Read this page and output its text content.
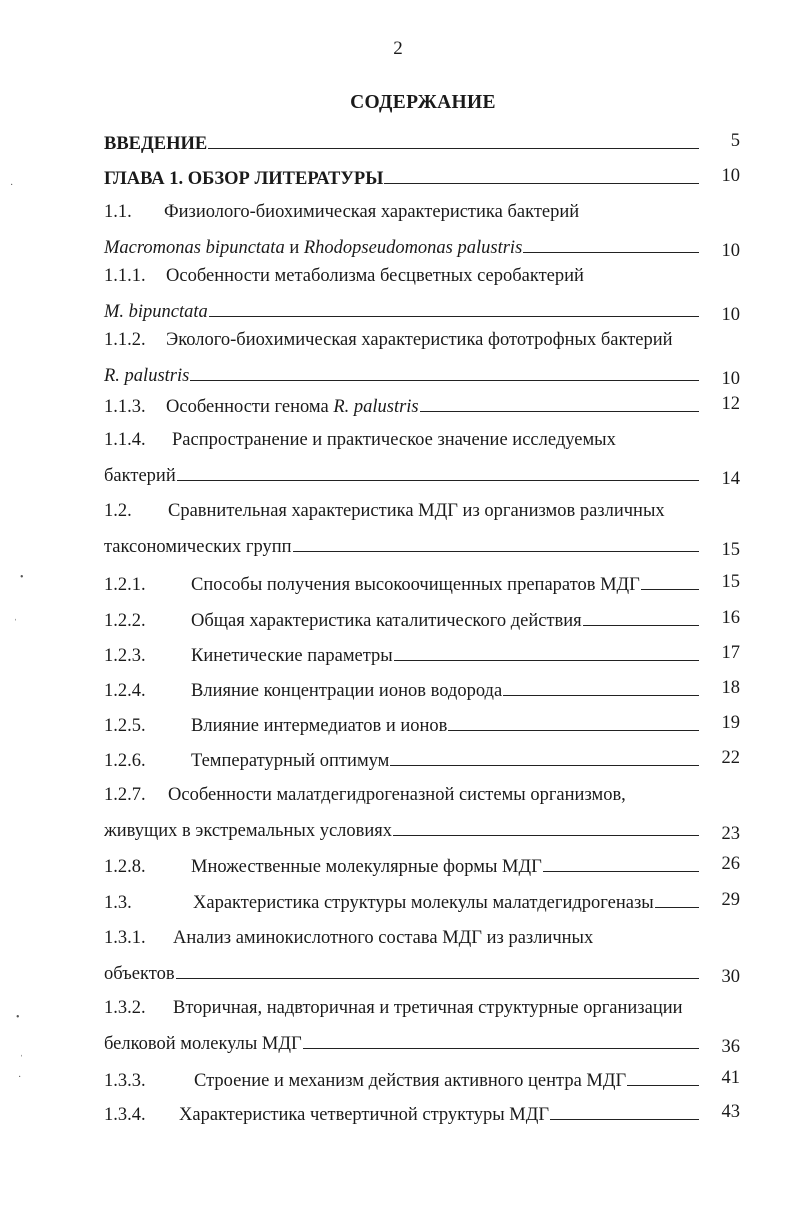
2
СОДЕРЖАНИЕ
ВВЕДЕНИЕ	5
ГЛАВА 1. ОБЗОР ЛИТЕРАТУРЫ	10
1.1. Физиолого-биохимическая характеристика бактерий
Macromonas bipunctata и Rhodopseudomonas palustris	10
1.1.1. Особенности метаболизма бесцветных серобактерий
M. bipunctata	10
1.1.2. Эколого-биохимическая характеристика фототрофных бактерий
R. palustris	10
1.1.3.	Особенности генома R. palustris	12
1.1.4. Распространение и практическое значение исследуемых
бактерий	14
1.2. Сравнительная характеристика МДГ из организмов различных
таксономических групп	15
1.2.1.	Способы получения высокоочищенных препаратов МДГ	15
1.2.2.	Общая характеристика каталитического действия	16
1.2.3.	Кинетические параметры	17
1.2.4.	Влияние концентрации ионов водорода	18
1.2.5.	Влияние интермедиатов и ионов	19
1.2.6.	Температурный оптимум	22
1.2.7. Особенности малатдегидрогеназной системы организмов,
живущих в экстремальных условиях	23
1.2.8.	Множественные молекулярные формы МДГ	26
1.3.	Характеристика структуры молекулы малатдегидрогеназы	29
1.3.1. Анализ аминокислотного состава МДГ из различных
объектов	30
1.3.2. Вторичная, надвторичная и третичная структурные организации
белковой молекулы МДГ	36
1.3.3.	Строение и механизм действия активного центра МДГ	41
1.3.4.	Характеристика четвертичной структуры МДГ	43
·
•
ˌ
•
ˌ
·
